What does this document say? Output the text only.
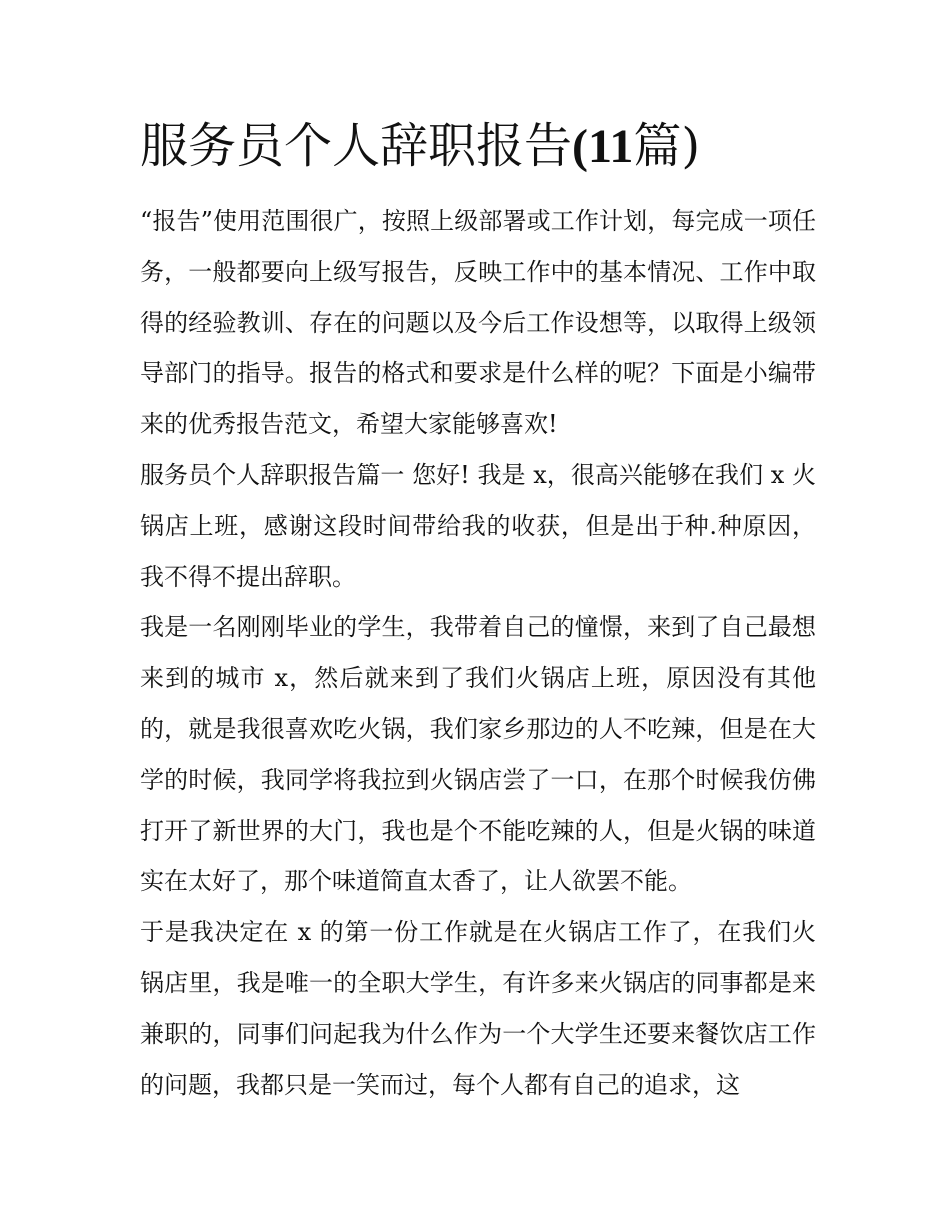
服务员个人辞职报告(11篇)

“报告”使用范围很广，按照上级部署或工作计划，每完成一项任务，一般都要向上级写报告，反映工作中的基本情况、工作中取得的经验教训、存在的问题以及今后工作设想等，以取得上级领导部门的指导。报告的格式和要求是什么样的呢？下面是小编带来的优秀报告范文，希望大家能够喜欢!

服务员个人辞职报告篇一 您好! 我是 x，很高兴能够在我们 x 火锅店上班，感谢这段时间带给我的收获，但是出于种.种原因，我不得不提出辞职。

我是一名刚刚毕业的学生，我带着自己的憧憬，来到了自己最想来到的城市 x，然后就来到了我们火锅店上班，原因没有其他的，就是我很喜欢吃火锅，我们家乡那边的人不吃辣，但是在大学的时候，我同学将我拉到火锅店尝了一口，在那个时候我仿佛打开了新世界的大门，我也是个不能吃辣的人，但是火锅的味道实在太好了，那个味道简直太香了，让人欲罢不能。

于是我决定在 x 的第一份工作就是在火锅店工作了，在我们火锅店里，我是唯一的全职大学生，有许多来火锅店的同事都是来兼职的，同事们问起我为什么作为一个大学生还要来餐饮店工作的问题，我都只是一笑而过，每个人都有自己的追求，这
